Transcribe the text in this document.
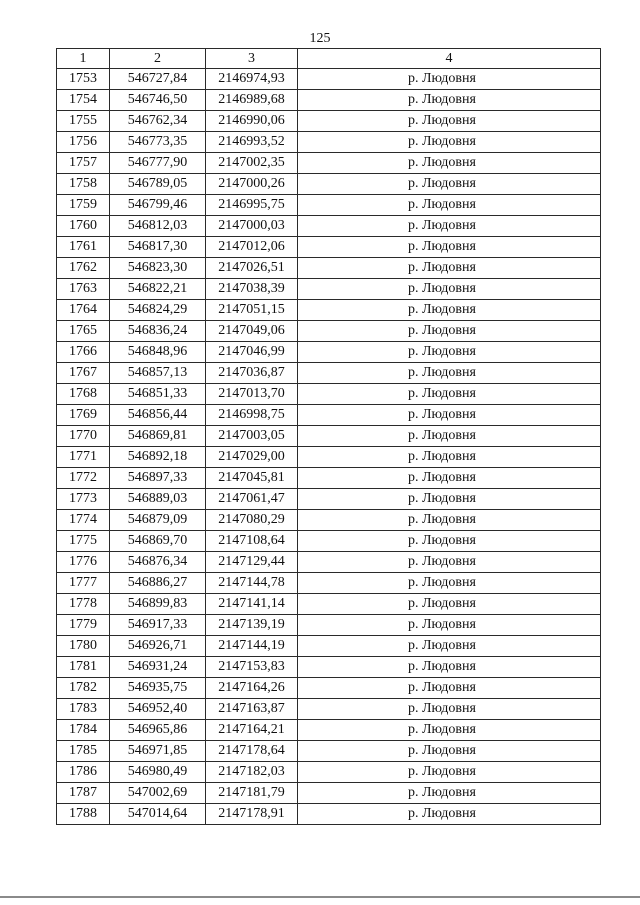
125
1	2	3	4
1753	546727,84	2146974,93	р. Людовня
1754	546746,50	2146989,68	р. Людовня
1755	546762,34	2146990,06	р. Людовня
1756	546773,35	2146993,52	р. Людовня
1757	546777,90	2147002,35	р. Людовня
1758	546789,05	2147000,26	р. Людовня
1759	546799,46	2146995,75	р. Людовня
1760	546812,03	2147000,03	р. Людовня
1761	546817,30	2147012,06	р. Людовня
1762	546823,30	2147026,51	р. Людовня
1763	546822,21	2147038,39	р. Людовня
1764	546824,29	2147051,15	р. Людовня
1765	546836,24	2147049,06	р. Людовня
1766	546848,96	2147046,99	р. Людовня
1767	546857,13	2147036,87	р. Людовня
1768	546851,33	2147013,70	р. Людовня
1769	546856,44	2146998,75	р. Людовня
1770	546869,81	2147003,05	р. Людовня
1771	546892,18	2147029,00	р. Людовня
1772	546897,33	2147045,81	р. Людовня
1773	546889,03	2147061,47	р. Людовня
1774	546879,09	2147080,29	р. Людовня
1775	546869,70	2147108,64	р. Людовня
1776	546876,34	2147129,44	р. Людовня
1777	546886,27	2147144,78	р. Людовня
1778	546899,83	2147141,14	р. Людовня
1779	546917,33	2147139,19	р. Людовня
1780	546926,71	2147144,19	р. Людовня
1781	546931,24	2147153,83	р. Людовня
1782	546935,75	2147164,26	р. Людовня
1783	546952,40	2147163,87	р. Людовня
1784	546965,86	2147164,21	р. Людовня
1785	546971,85	2147178,64	р. Людовня
1786	546980,49	2147182,03	р. Людовня
1787	547002,69	2147181,79	р. Людовня
1788	547014,64	2147178,91	р. Людовня
